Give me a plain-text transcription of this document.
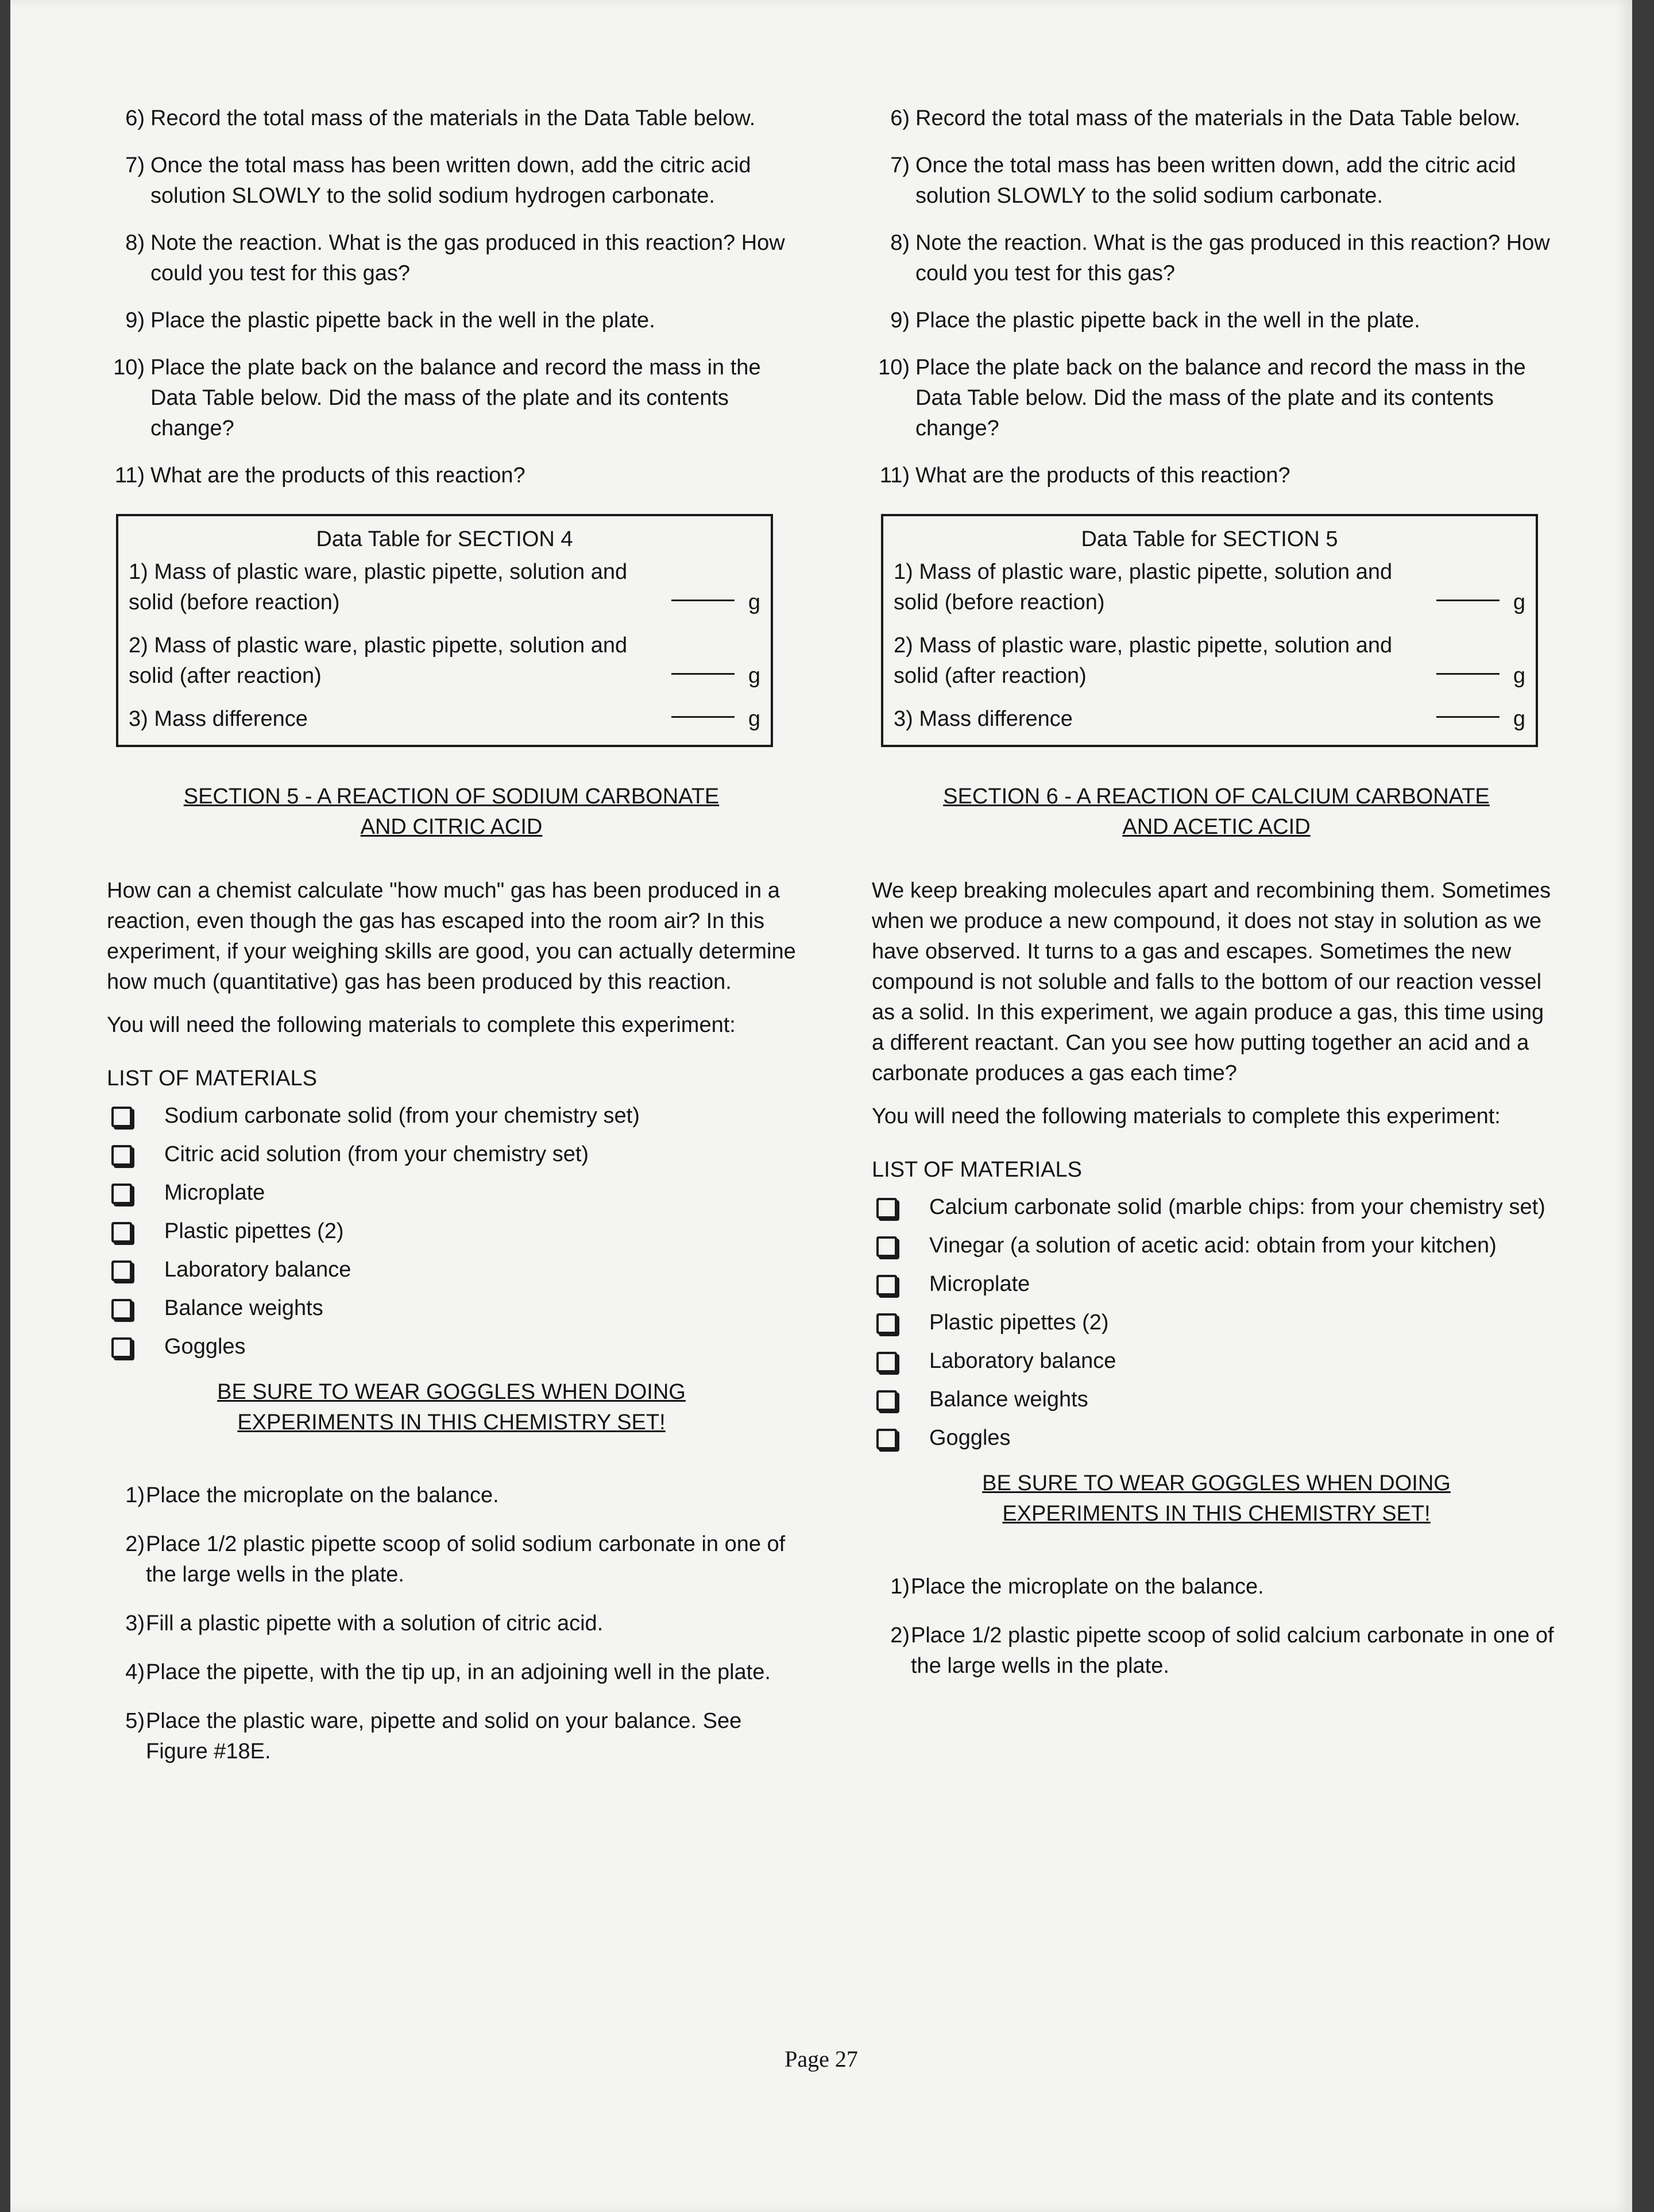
6) Record the total mass of the materials in the Data Table below.
7) Once the total mass has been written down, add the citric acid solution SLOWLY to the solid sodium hydrogen carbonate.
8) Note the reaction. What is the gas produced in this reaction? How could you test for this gas?
9) Place the plastic pipette back in the well in the plate.
10) Place the plate back on the balance and record the mass in the Data Table below. Did the mass of the plate and its contents change?
11) What are the products of this reaction?
Data Table for SECTION 4
1) Mass of plastic ware, plastic pipette, solution and solid (before reaction)	g
2) Mass of plastic ware, plastic pipette, solution and solid (after reaction)	g
3) Mass difference	g
SECTION 5 - A REACTION OF SODIUM CARBONATE
AND CITRIC ACID

How can a chemist calculate "how much" gas has been produced in a reaction, even though the gas has escaped into the room air? In this experiment, if your weighing skills are good, you can actually determine how much (quantitative) gas has been produced by this reaction.

You will need the following materials to complete this experiment:

LIST OF MATERIALS
Sodium carbonate solid (from your chemistry set)
Citric acid solution (from your chemistry set)
Microplate
Plastic pipettes (2)
Laboratory balance
Balance weights
Goggles
BE SURE TO WEAR GOGGLES WHEN DOING EXPERIMENTS IN THIS CHEMISTRY SET!
1) Place the microplate on the balance.
2) Place 1/2 plastic pipette scoop of solid sodium carbonate in one of the large wells in the plate.
3) Fill a plastic pipette with a solution of citric acid.
4) Place the pipette, with the tip up, in an adjoining well in the plate.
5) Place the plastic ware, pipette and solid on your balance. See Figure #18E.
6) Record the total mass of the materials in the Data Table below.
7) Once the total mass has been written down, add the citric acid solution SLOWLY to the solid sodium carbonate.
8) Note the reaction. What is the gas produced in this reaction? How could you test for this gas?
9) Place the plastic pipette back in the well in the plate.
10) Place the plate back on the balance and record the mass in the Data Table below. Did the mass of the plate and its contents change?
11) What are the products of this reaction?
Data Table for SECTION 5
1) Mass of plastic ware, plastic pipette, solution and solid (before reaction)	g
2) Mass of plastic ware, plastic pipette, solution and solid (after reaction)	g
3) Mass difference	g
SECTION 6 - A REACTION OF CALCIUM CARBONATE
AND ACETIC ACID

We keep breaking molecules apart and recombining them. Sometimes when we produce a new compound, it does not stay in solution as we have observed. It turns to a gas and escapes. Sometimes the new compound is not soluble and falls to the bottom of our reaction vessel as a solid. In this experiment, we again produce a gas, this time using a different reactant. Can you see how putting together an acid and a carbonate produces a gas each time?

You will need the following materials to complete this experiment:

LIST OF MATERIALS
Calcium carbonate solid (marble chips: from your chemistry set)
Vinegar (a solution of acetic acid: obtain from your kitchen)
Microplate
Plastic pipettes (2)
Laboratory balance
Balance weights
Goggles
BE SURE TO WEAR GOGGLES WHEN DOING EXPERIMENTS IN THIS CHEMISTRY SET!
1) Place the microplate on the balance.
2) Place 1/2 plastic pipette scoop of solid calcium carbonate in one of the large wells in the plate.
Page 27
